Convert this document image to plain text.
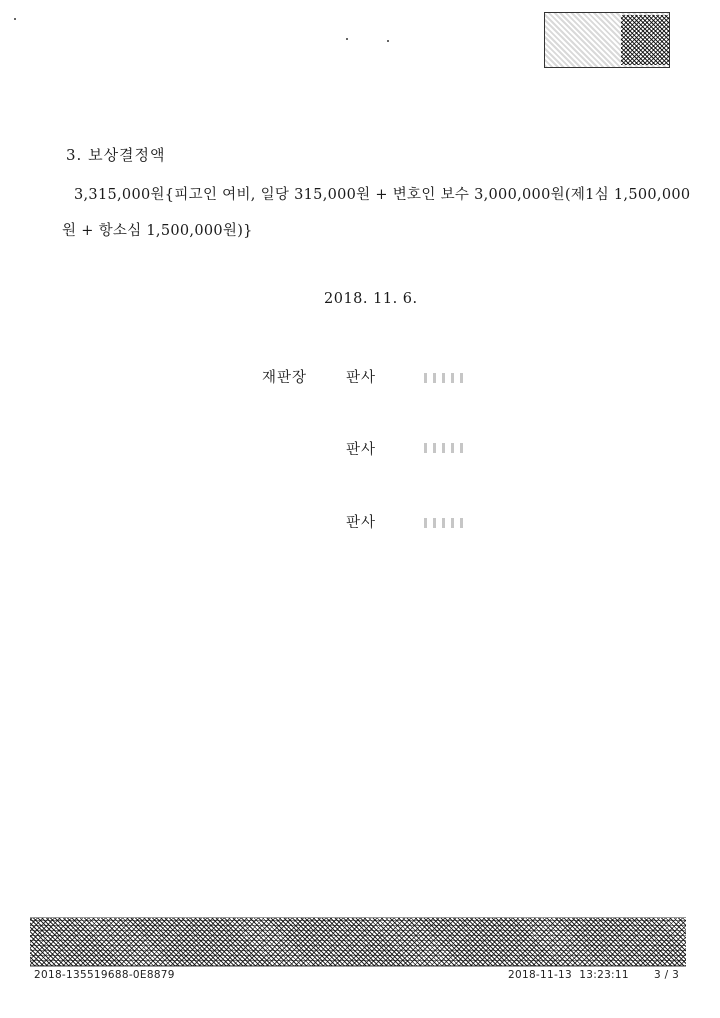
3. 보상결정액
3,315,000원{피고인 여비, 일당 315,000원 + 변호인 보수 3,000,000원(제1심 1,500,000
원 + 항소심 1,500,000원)}
2018. 11. 6.
재판장	판사
판사
판사
2018-135519688-0E8879	2018-11-13  13:23:11 3 / 3
